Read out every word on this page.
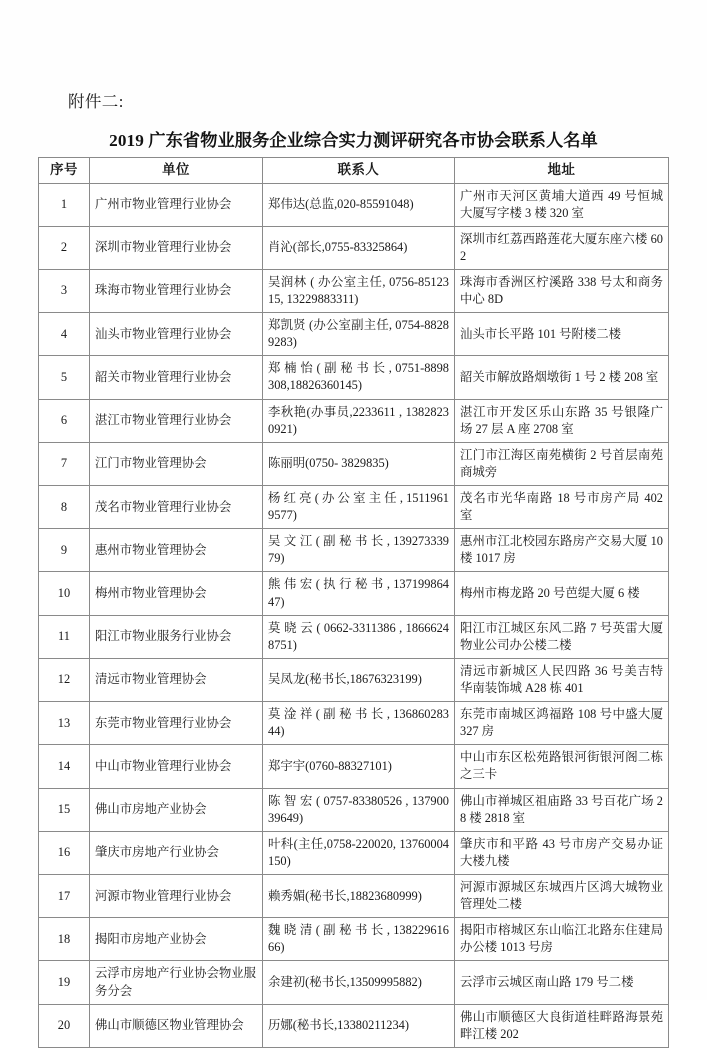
附件二:
2019 广东省物业服务企业综合实力测评研究各市协会联系人名单
序号	单位	联系人	地址
1	广州市物业管理行业协会	郑伟达(总监,020-85591048)	广州市天河区黄埔大道西 49 号恒城大厦写字楼 3 楼 320 室
2	深圳市物业管理行业协会	肖沁(部长,0755-83325864)	深圳市红荔西路莲花大厦东座六楼 602
3	珠海市物业管理行业协会	吴润林 ( 办公室主任, 0756-8512315, 13229883311)	珠海市香洲区柠溪路 338 号太和商务中心 8D
4	汕头市物业管理行业协会	郑凯贤 (办公室副主任, 0754-88289283)	汕头市长平路 101 号附楼二楼
5	韶关市物业管理行业协会	郑 楠 怡 ( 副 秘 书 长 , 0751-8898308,18826360145)	韶关市解放路烟墩街 1 号 2 楼 208 室
6	湛江市物业管理行业协会	李秋艳(办事员,2233611 , 13828230921)	湛江市开发区乐山东路 35 号银隆广场 27 层 A 座 2708 室
7	江门市物业管理协会	陈丽明(0750- 3829835)	江门市江海区南苑横街 2 号首层南苑商城旁
8	茂名市物业管理行业协会	杨 红 亮 ( 办 公 室 主 任 , 15119619577)	茂名市光华南路 18 号市房产局 402 室
9	惠州市物业管理协会	吴 文 江 ( 副 秘 书 长 , 13927333979)	惠州市江北校园东路房产交易大厦 10 楼 1017 房
10	梅州市物业管理协会	熊 伟 宏 ( 执 行 秘 书 , 13719986447)	梅州市梅龙路 20 号芭缇大厦 6 楼
11	阳江市物业服务行业协会	莫 晓 云 ( 0662-3311386 , 18666248751)	阳江市江城区东风二路 7 号英雷大厦物业公司办公楼二楼
12	清远市物业管理协会	吴凤龙(秘书长,18676323199)	清远市新城区人民四路 36 号美吉特华南装饰城 A28 栋 401
13	东莞市物业管理行业协会	莫 淦 祥 ( 副 秘 书 长 , 13686028344)	东莞市南城区鸿福路 108 号中盛大厦 327 房
14	中山市物业管理行业协会	郑宇宇(0760-88327101)	中山市东区松苑路银河街银河阁二栋之三卡
15	佛山市房地产业协会	陈 智 宏 ( 0757-83380526 , 13790039649)	佛山市禅城区祖庙路 33 号百花广场 28 楼 2818 室
16	肇庆市房地产行业协会	叶科(主任,0758-220020, 13760004150)	肇庆市和平路 43 号市房产交易办证大楼九楼
17	河源市物业管理行业协会	赖秀媚(秘书长,18823680999)	河源市源城区东城西片区鸿大城物业管理处二楼
18	揭阳市房地产业协会	魏 晓 清 ( 副 秘 书 长 , 13822961666)	揭阳市榕城区东山临江北路东住建局办公楼 1013 号房
19	云浮市房地产行业协会物业服务分会	余建初(秘书长,13509995882)	云浮市云城区南山路 179 号二楼
20	佛山市顺德区物业管理协会	历娜(秘书长,13380211234)	佛山市顺德区大良街道桂畔路海景苑畔江楼 202
